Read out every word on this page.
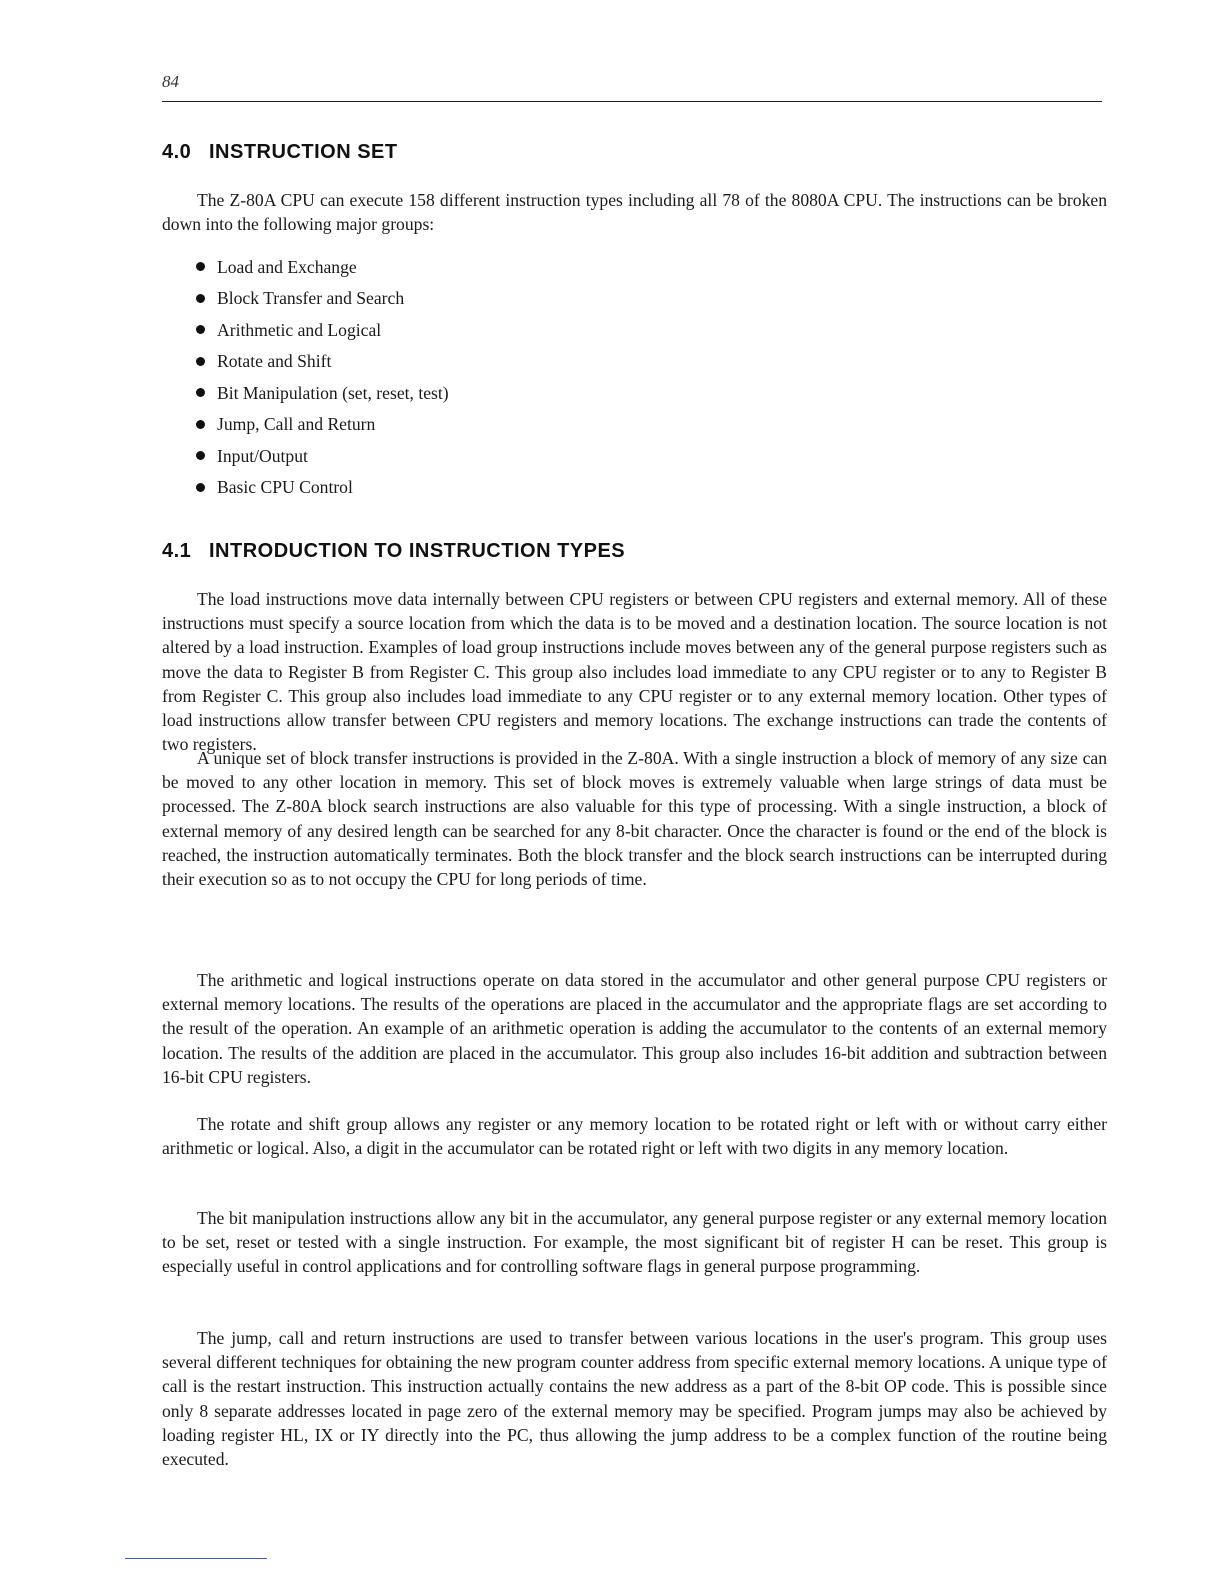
84
4.0 INSTRUCTION SET

The Z-80A CPU can execute 158 different instruction types including all 78 of the 8080A CPU. The instructions can be broken down into the following major groups:

Load and Exchange
Block Transfer and Search
Arithmetic and Logical
Rotate and Shift
Bit Manipulation (set, reset, test)
Jump, Call and Return
Input/Output
Basic CPU Control
4.1 INTRODUCTION TO INSTRUCTION TYPES

The load instructions move data internally between CPU registers or between CPU registers and external memory. All of these instructions must specify a source location from which the data is to be moved and a destination location. The source location is not altered by a load instruction. Examples of load group instructions include moves between any of the general purpose registers such as move the data to Register B from Register C. This group also includes load immediate to any CPU register or to any to Register B from Register C. This group also includes load immediate to any CPU register or to any external memory location. Other types of load instructions allow transfer between CPU registers and memory locations. The exchange instructions can trade the contents of two registers.

A unique set of block transfer instructions is provided in the Z-80A. With a single instruction a block of memory of any size can be moved to any other location in memory. This set of block moves is extremely valuable when large strings of data must be processed. The Z-80A block search instructions are also valuable for this type of processing. With a single instruction, a block of external memory of any desired length can be searched for any 8-bit character. Once the character is found or the end of the block is reached, the instruction automatically terminates. Both the block transfer and the block search instructions can be interrupted during their execution so as to not occupy the CPU for long periods of time.

The arithmetic and logical instructions operate on data stored in the accumulator and other general purpose CPU registers or external memory locations. The results of the operations are placed in the accumulator and the appropriate flags are set according to the result of the operation. An example of an arithmetic operation is adding the accumulator to the contents of an external memory location. The results of the addition are placed in the accumulator. This group also includes 16-bit addition and subtraction between 16-bit CPU registers.

The rotate and shift group allows any register or any memory location to be rotated right or left with or without carry either arithmetic or logical. Also, a digit in the accumulator can be rotated right or left with two digits in any memory location.

The bit manipulation instructions allow any bit in the accumulator, any general purpose register or any external memory location to be set, reset or tested with a single instruction. For example, the most significant bit of register H can be reset. This group is especially useful in control applications and for controlling software flags in general purpose programming.

The jump, call and return instructions are used to transfer between various locations in the user's program. This group uses several different techniques for obtaining the new program counter address from specific external memory locations. A unique type of call is the restart instruction. This instruction actually contains the new address as a part of the 8-bit OP code. This is possible since only 8 separate addresses located in page zero of the external memory may be specified. Program jumps may also be achieved by loading register HL, IX or IY directly into the PC, thus allowing the jump address to be a complex function of the routine being executed.
